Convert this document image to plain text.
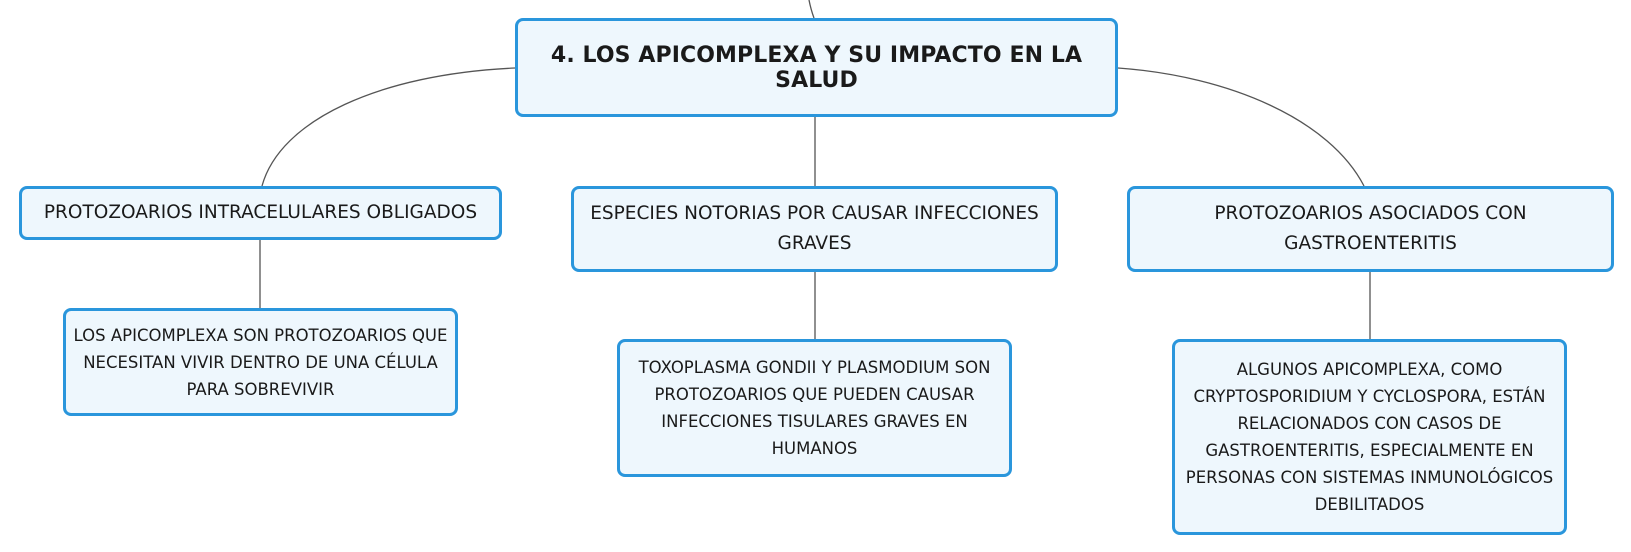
4. LOS APICOMPLEXA Y SU IMPACTO EN LA SALUD
PROTOZOARIOS INTRACELULARES OBLIGADOS	ESPECIES NOTORIAS POR CAUSAR INFECCIONES GRAVES
PROTOZOARIOS ASOCIADOS CON GASTROENTERITIS
LOS APICOMPLEXA SON PROTOZOARIOS QUE NECESITAN VIVIR DENTRO DE UNA CÉLULA PARA SOBREVIVIR
TOXOPLASMA GONDII Y PLASMODIUM SON PROTOZOARIOS QUE PUEDEN CAUSAR INFECCIONES TISULARES GRAVES EN HUMANOS
ALGUNOS APICOMPLEXA, COMO CRYPTOSPORIDIUM Y CYCLOSPORA, ESTÁN RELACIONADOS CON CASOS DE GASTROENTERITIS, ESPECIALMENTE EN PERSONAS CON SISTEMAS INMUNOLÓGICOS DEBILITADOS
